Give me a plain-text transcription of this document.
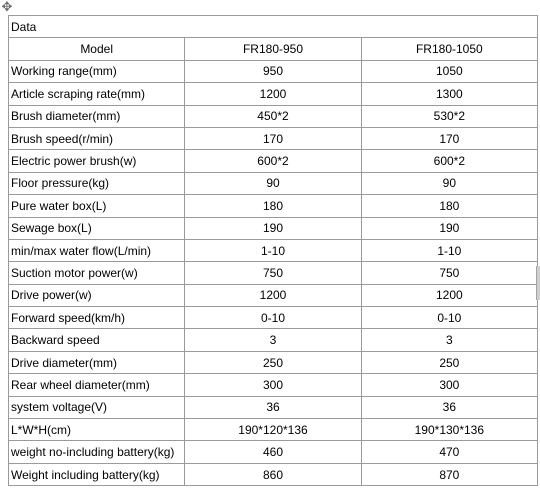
✥
Data		
Model	FR180-950	FR180-1050
Working range(mm)	950	1050
Article scraping rate(mm)	1200	1300
Brush diameter(mm)	450*2	530*2
Brush speed(r/min)	170	170
Electric power brush(w)	600*2	600*2
Floor pressure(kg)	90	90
Pure water box(L)	180	180
Sewage box(L)	190	190
min/max water flow(L/min)	1-10	1-10
Suction motor power(w)	750	750
Drive power(w)	1200	1200
Forward speed(km/h)	0-10	0-10
Backward speed	3	3
Drive diameter(mm)	250	250
Rear wheel diameter(mm)	300	300
system voltage(V)	36	36
L*W*H(cm)	190*120*136	190*130*136
weight no-including battery(kg)	460	470
Weight including battery(kg)	860	870
